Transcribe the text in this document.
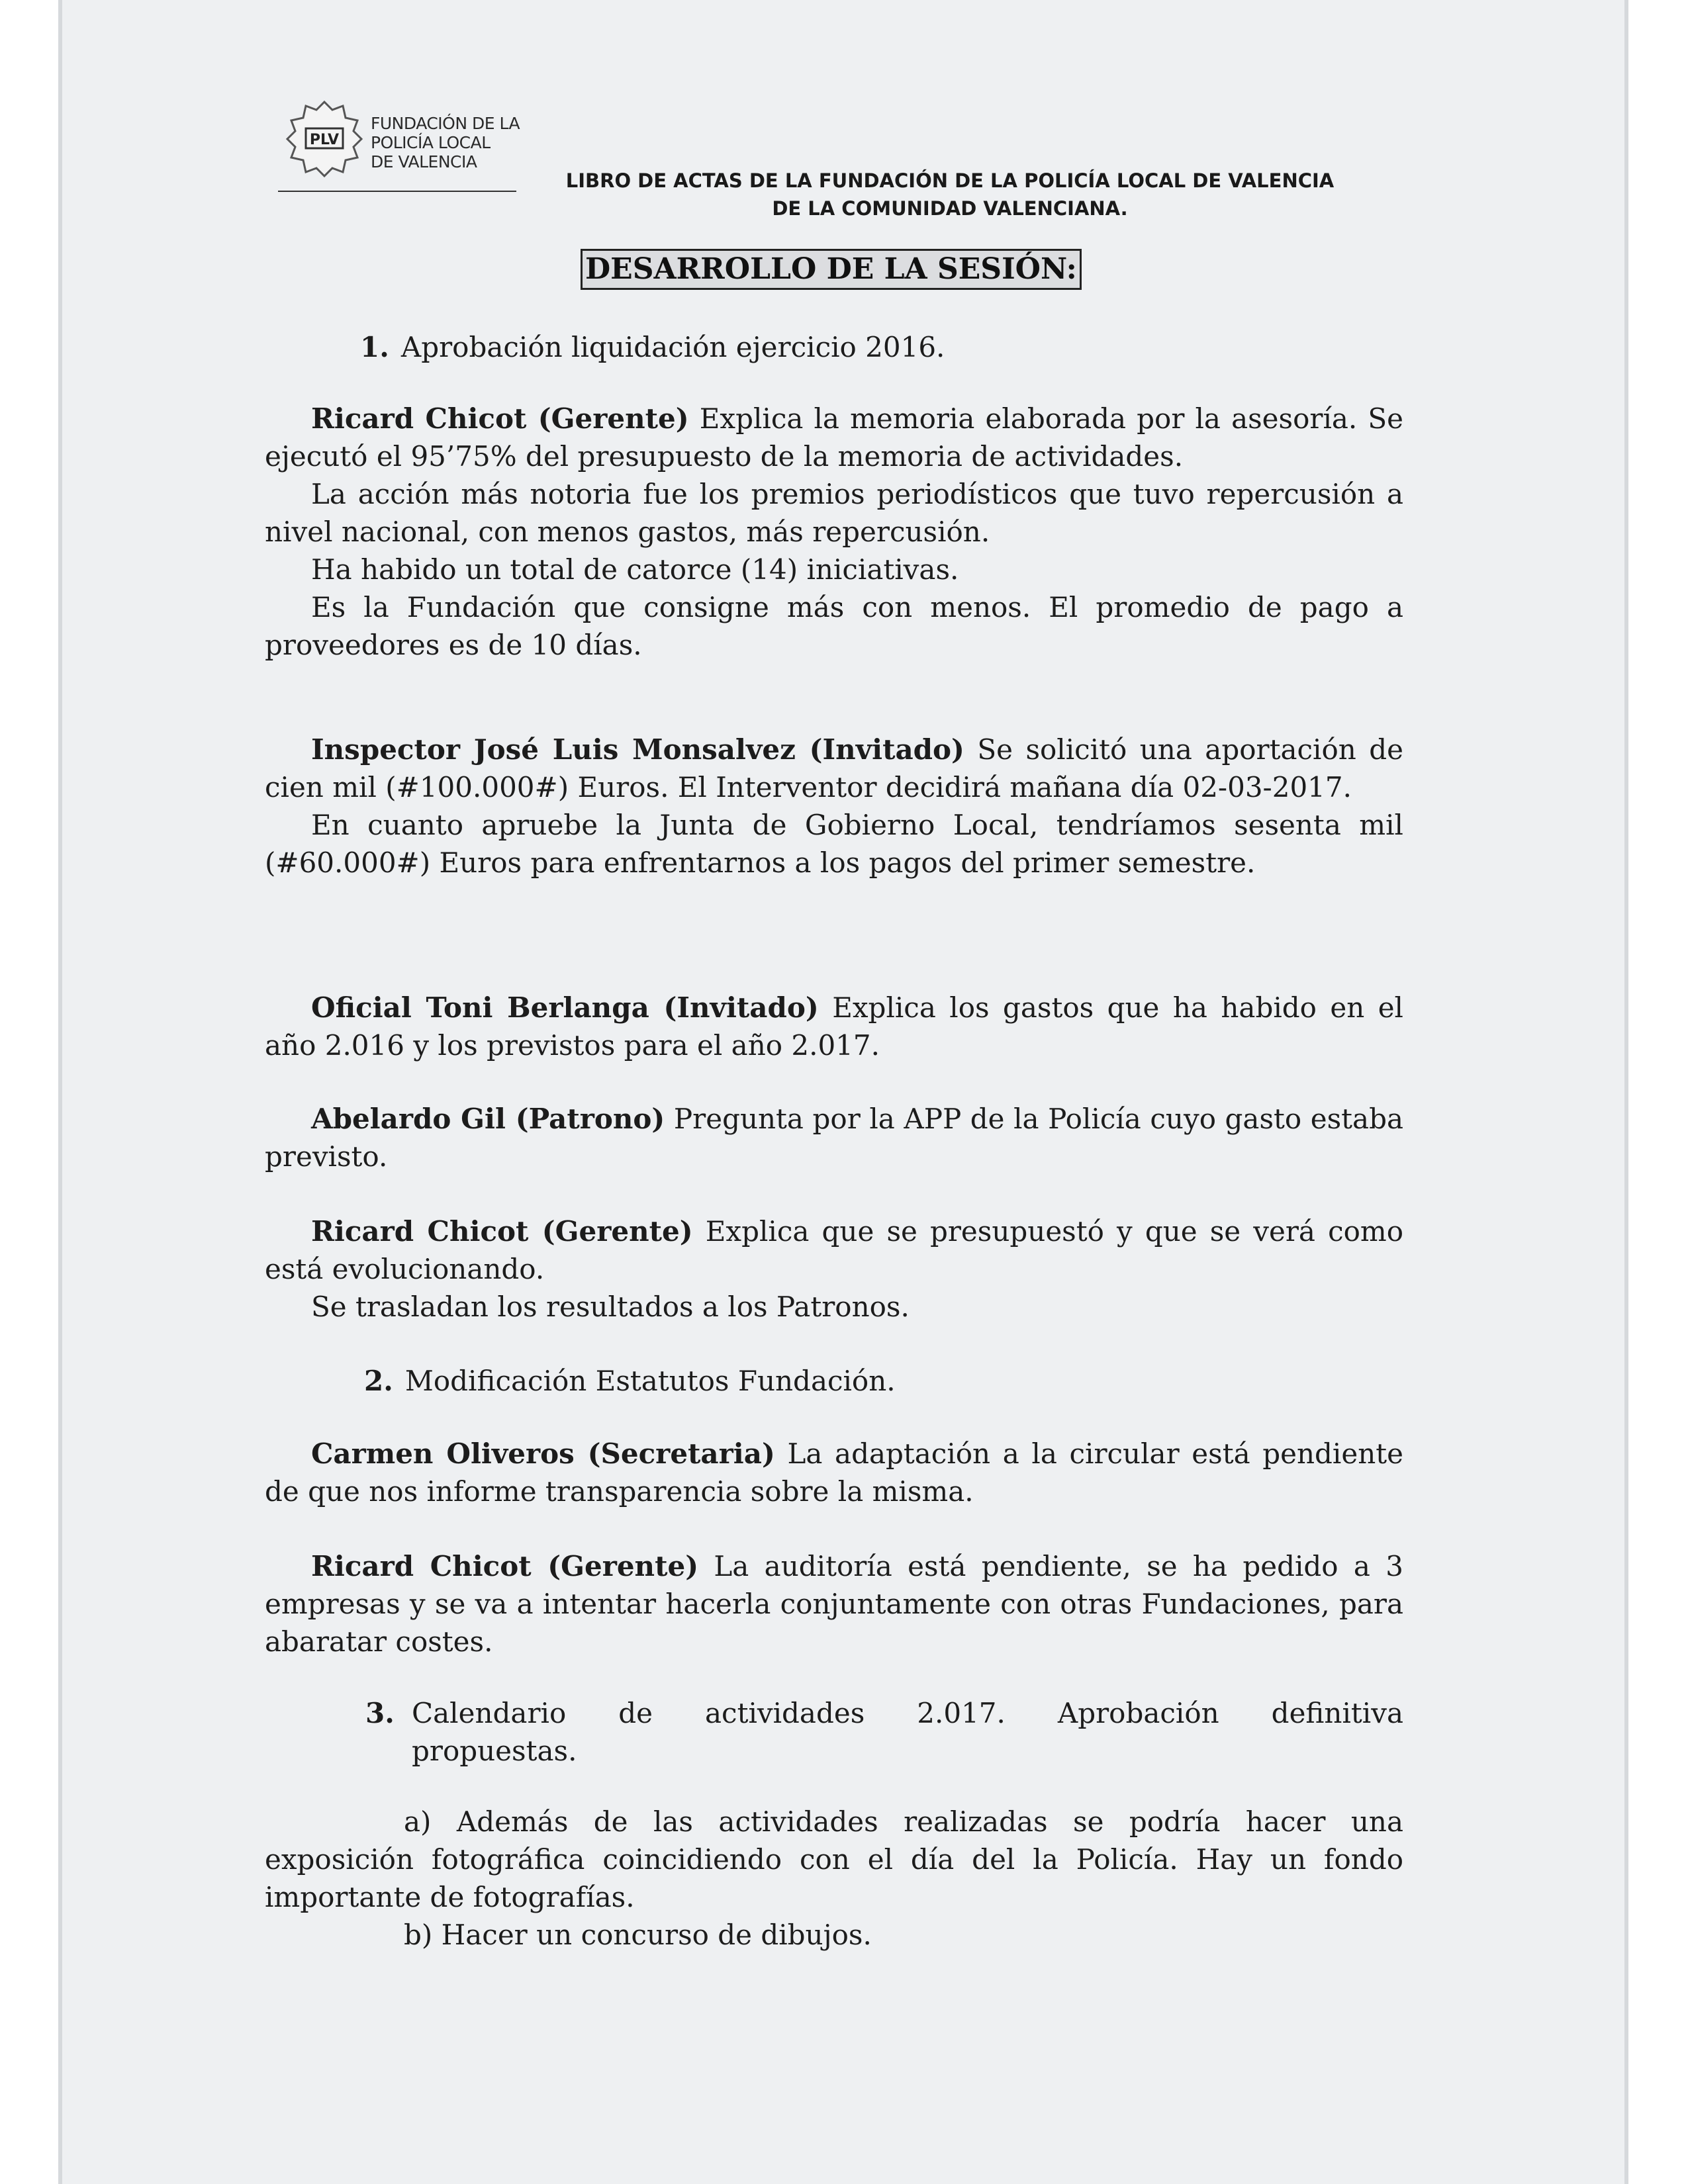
PLV
FUNDACIÓN DE LA
POLICÍA LOCAL
DE VALENCIA
LIBRO DE ACTAS DE LA FUNDACIÓN DE LA POLICÍA LOCAL DE VALENCIA
DE LA COMUNIDAD VALENCIANA.
DESARROLLO DE LA SESIÓN:
1. Aprobación liquidación ejercicio 2016.

Ricard Chicot (Gerente) Explica la memoria elaborada por la asesoría. Se ejecutó el 95’75% del presupuesto de la memoria de actividades.

La acción más notoria fue los premios periodísticos que tuvo repercusión a nivel nacional, con menos gastos, más repercusión.

Ha habido un total de catorce (14) iniciativas.

Es la Fundación que consigne más con menos. El promedio de pago a proveedores es de 10 días.

Inspector José Luis Monsalvez (Invitado) Se solicitó una aportación de cien mil (#100.000#) Euros. El Interventor decidirá mañana día 02-03-2017.

En cuanto apruebe la Junta de Gobierno Local, tendríamos sesenta mil (#60.000#) Euros para enfrentarnos a los pagos del primer semestre.

Oficial Toni Berlanga (Invitado) Explica los gastos que ha habido en el año 2.016 y los previstos para el año 2.017.

Abelardo Gil (Patrono) Pregunta por la APP de la Policía cuyo gasto estaba previsto.

Ricard Chicot (Gerente) Explica que se presupuestó y que se verá como está evolucionando.

Se trasladan los resultados a los Patronos.

2. Modificación Estatutos Fundación.

Carmen Oliveros (Secretaria) La adaptación a la circular está pendiente de que nos informe transparencia sobre la misma.

Ricard Chicot (Gerente) La auditoría está pendiente, se ha pedido a 3 empresas y se va a intentar hacerla conjuntamente con otras Fundaciones, para abaratar costes.

3. Calendario de actividades 2.017. Aprobación definitiva
propuestas.

a) Además de las actividades realizadas se podría hacer una exposición fotográfica coincidiendo con el día del la Policía. Hay un fondo importante de fotografías.

b) Hacer un concurso de dibujos.
